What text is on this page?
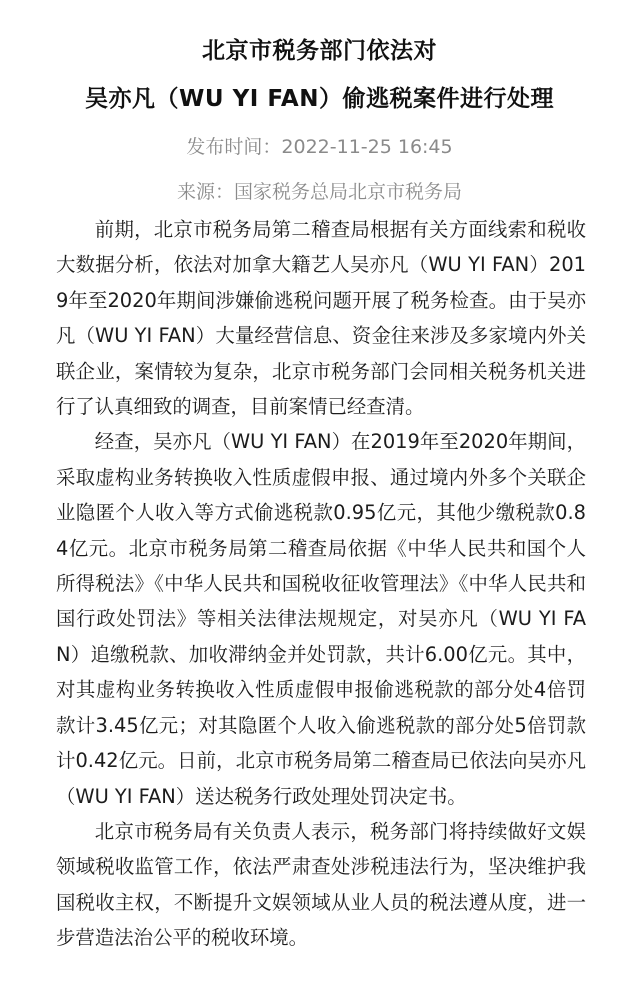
北京市税务部门依法对
吴亦凡（WU YI FAN）偷逃税案件进行处理
发布时间：2022-11-25 16:45
来源：国家税务总局北京市税务局

前期，北京市税务局第二稽查局根据有关方面线索和税收大数据分析，依法对加拿大籍艺人吴亦凡（WU YI FAN）2019年至2020年期间涉嫌偷逃税问题开展了税务检查。由于吴亦凡（WU YI FAN）大量经营信息、资金往来涉及多家境内外关联企业，案情较为复杂，北京市税务部门会同相关税务机关进行了认真细致的调查，目前案情已经查清。

经查，吴亦凡（WU YI FAN）在2019年至2020年期间，采取虚构业务转换收入性质虚假申报、通过境内外多个关联企业隐匿个人收入等方式偷逃税款0.95亿元，其他少缴税款0.84亿元。北京市税务局第二稽查局依据《中华人民共和国个人所得税法》《中华人民共和国税收征收管理法》《中华人民共和国行政处罚法》等相关法律法规规定，对吴亦凡（WU YI FAN）追缴税款、加收滞纳金并处罚款，共计6.00亿元。其中，对其虚构业务转换收入性质虚假申报偷逃税款的部分处4倍罚款计3.45亿元；对其隐匿个人收入偷逃税款的部分处5倍罚款计0.42亿元。日前，北京市税务局第二稽查局已依法向吴亦凡（WU YI FAN）送达税务行政处理处罚决定书。

北京市税务局有关负责人表示，税务部门将持续做好文娱领域税收监管工作，依法严肃查处涉税违法行为，坚决维护我国税收主权，不断提升文娱领域从业人员的税法遵从度，进一步营造法治公平的税收环境。
